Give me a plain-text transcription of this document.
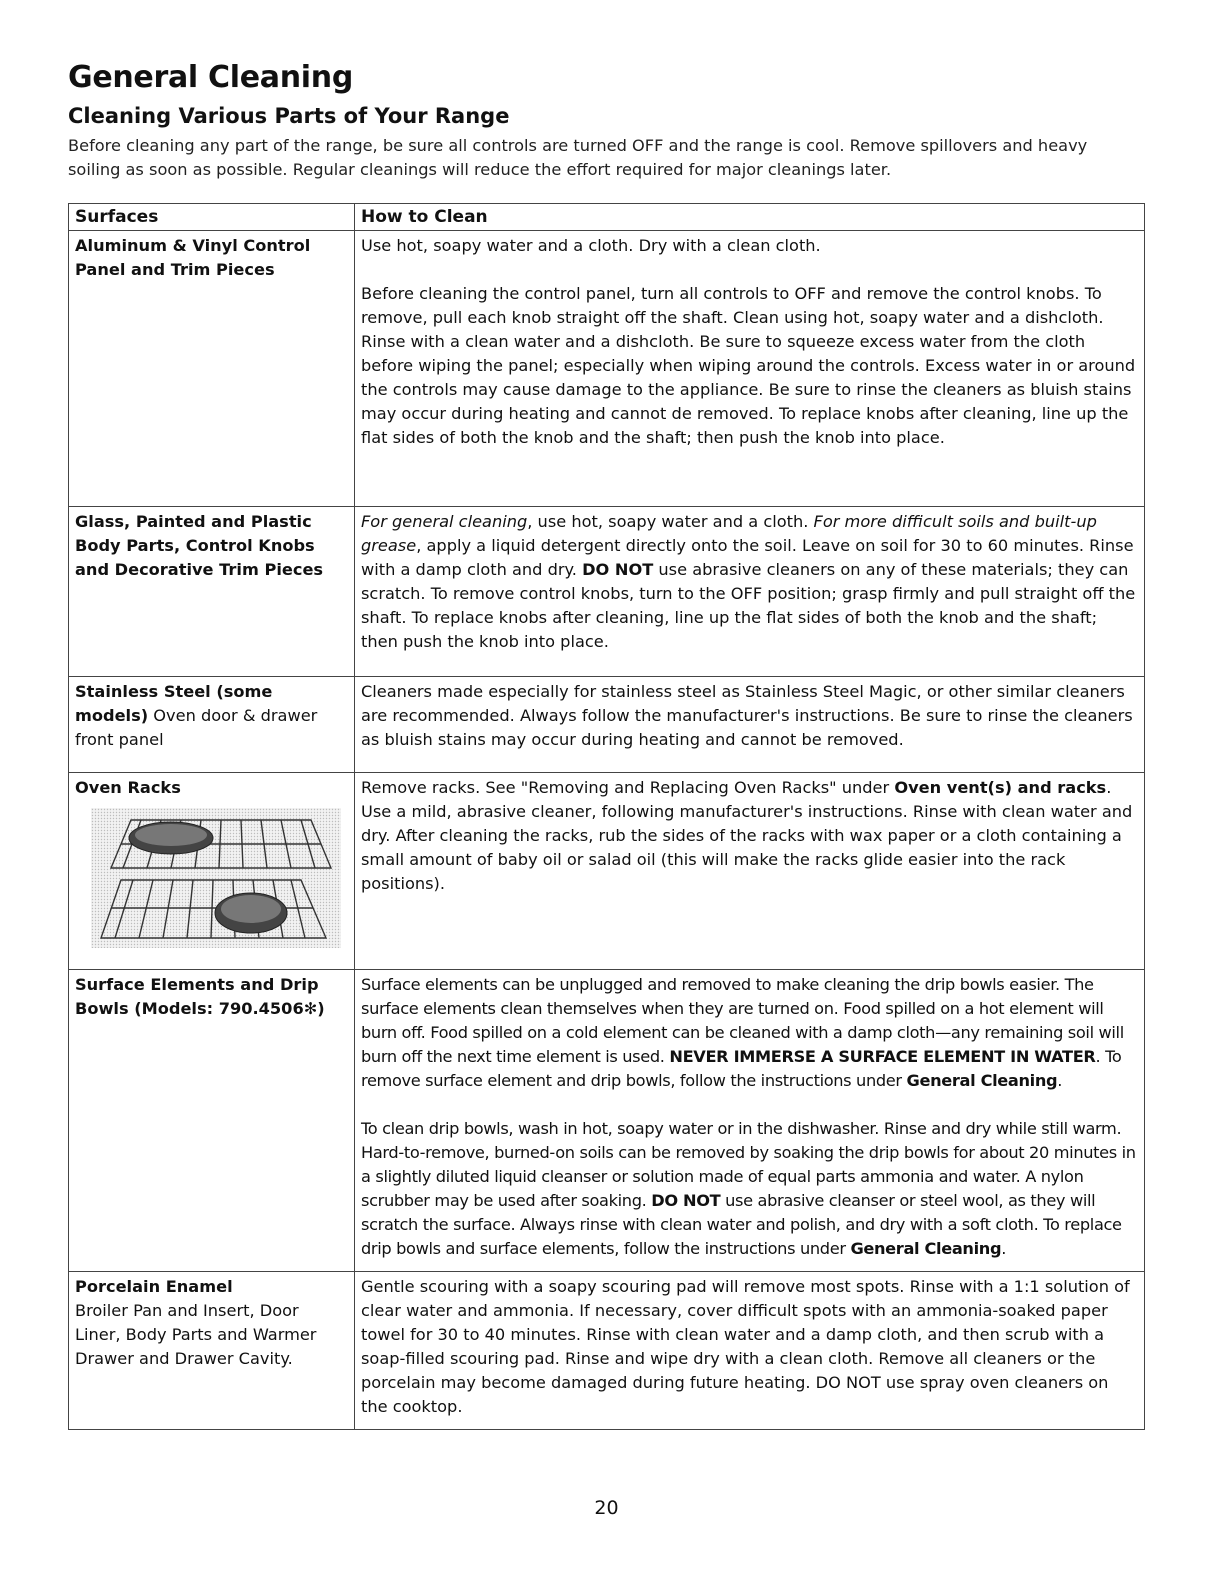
General Cleaning
Cleaning Various Parts of Your Range

Before cleaning any part of the range, be sure all controls are turned OFF and the range is cool. Remove spillovers and heavy soiling as soon as possible. Regular cleanings will reduce the effort required for major cleanings later.

Surfaces	How to Clean
Aluminum & Vinyl Control Panel and Trim Pieces	Use hot, soapy water and a cloth. Dry with a clean cloth.

Before cleaning the control panel, turn all controls to OFF and remove the control knobs. To remove, pull each knob straight off the shaft. Clean using hot, soapy water and a dishcloth. Rinse with a clean water and a dishcloth. Be sure to squeeze excess water from the cloth before wiping the panel; especially when wiping around the controls. Excess water in or around the controls may cause damage to the appliance. Be sure to rinse the cleaners as bluish stains may occur during heating and cannot de removed. To replace knobs after cleaning, line up the flat sides of both the knob and the shaft; then push the knob into place.

Glass, Painted and Plastic Body Parts, Control Knobs and Decorative Trim Pieces	For general cleaning, use hot, soapy water and a cloth. For more difficult soils and built-up grease, apply a liquid detergent directly onto the soil. Leave on soil for 30 to 60 minutes. Rinse with a damp cloth and dry. DO NOT use abrasive cleaners on any of these materials; they can scratch. To remove control knobs, turn to the OFF position; grasp firmly and pull straight off the shaft. To replace knobs after cleaning, line up the flat sides of both the knob and the shaft; then push the knob into place.

Stainless Steel (some models) Oven door & drawer front panel	Cleaners made especially for stainless steel as Stainless Steel Magic, or other similar cleaners are recommended. Always follow the manufacturer's instructions. Be sure to rinse the cleaners as bluish stains may occur during heating and cannot be removed.

Oven Racks	Remove racks. See "Removing and Replacing Oven Racks" under Oven vent(s) and racks. Use a mild, abrasive cleaner, following manufacturer's instructions. Rinse with clean water and dry. After cleaning the racks, rub the sides of the racks with wax paper or a cloth containing a small amount of baby oil or salad oil (this will make the racks glide easier into the rack positions).

Surface Elements and Drip Bowls (Models: 790.4506✻)	Surface elements can be unplugged and removed to make cleaning the drip bowls easier. The surface elements clean themselves when they are turned on. Food spilled on a hot element will burn off. Food spilled on a cold element can be cleaned with a damp cloth—any remaining soil will burn off the next time element is used. NEVER IMMERSE A SURFACE ELEMENT IN WATER. To remove surface element and drip bowls, follow the instructions under General Cleaning.

To clean drip bowls, wash in hot, soapy water or in the dishwasher. Rinse and dry while still warm. Hard-to-remove, burned-on soils can be removed by soaking the drip bowls for about 20 minutes in a slightly diluted liquid cleanser or solution made of equal parts ammonia and water. A nylon scrubber may be used after soaking. DO NOT use abrasive cleanser or steel wool, as they will scratch the surface. Always rinse with clean water and polish, and dry with a soft cloth. To replace drip bowls and surface elements, follow the instructions under General Cleaning.

Porcelain Enamel
Broiler Pan and Insert, Door Liner, Body Parts and Warmer Drawer and Drawer Cavity.	Gentle scouring with a soapy scouring pad will remove most spots. Rinse with a 1:1 solution of clear water and ammonia. If necessary, cover difficult spots with an ammonia-soaked paper towel for 30 to 40 minutes. Rinse with clean water and a damp cloth, and then scrub with a soap-filled scouring pad. Rinse and wipe dry with a clean cloth. Remove all cleaners or the porcelain may become damaged during future heating. DO NOT use spray oven cleaners on the cooktop.

20
